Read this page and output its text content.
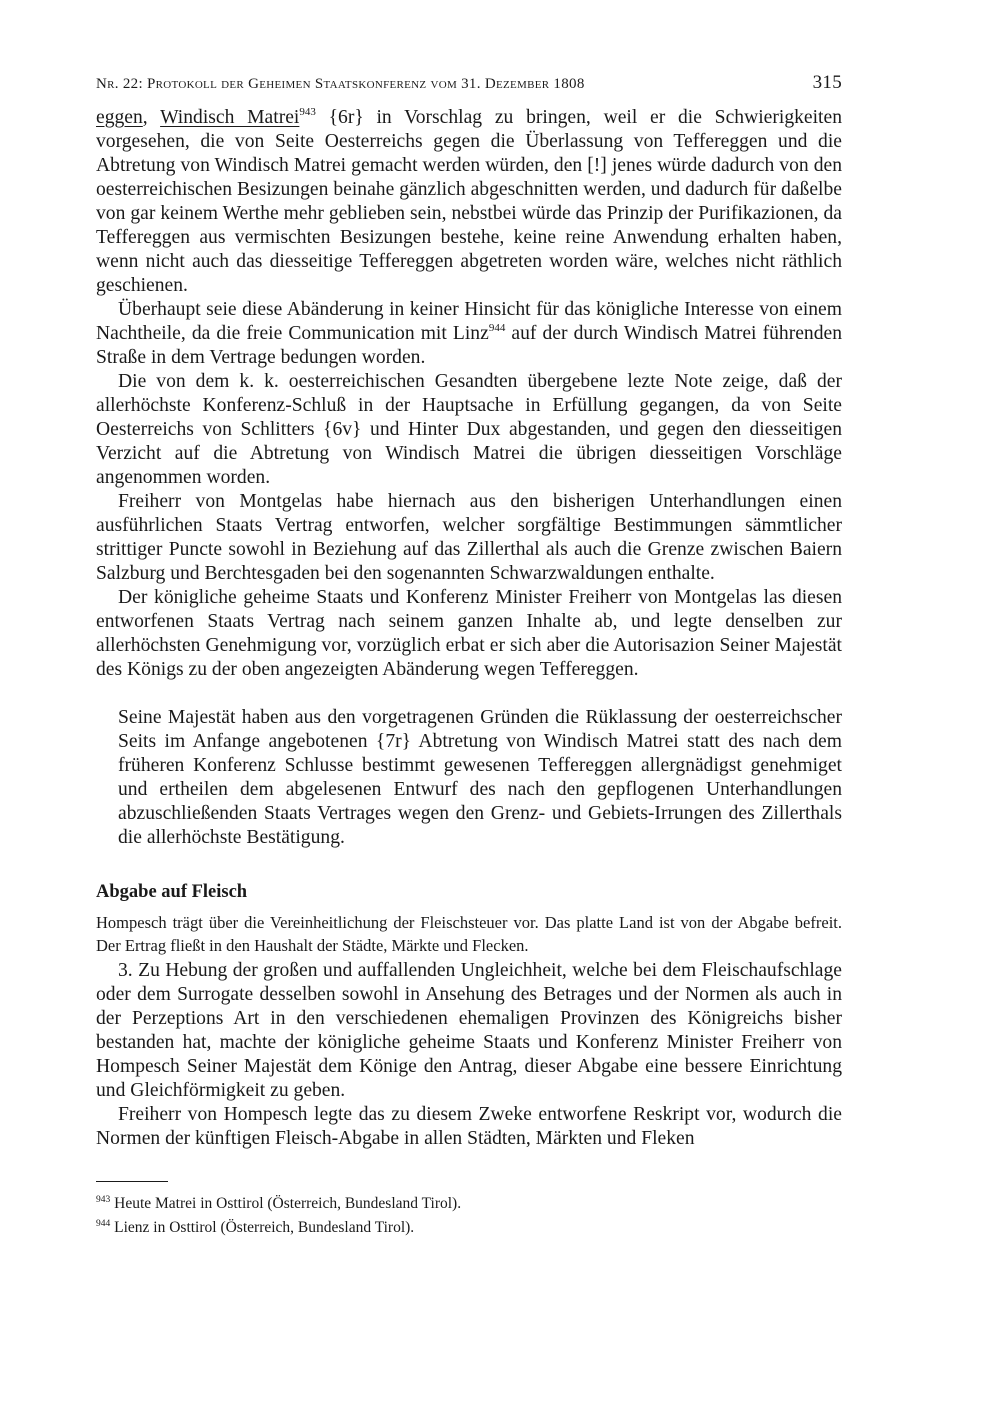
Nr. 22: Protokoll der Geheimen Staatskonferenz vom 31. Dezember 1808	315

eggen, Windisch Matrei$^{943}$ {6r} in Vorschlag zu bringen, weil er die Schwierigkeiten vorgesehen, die von Seite Oesterreichs gegen die Überlassung von Teffereggen und die Abtretung von Windisch Matrei gemacht werden würden, den [!] jenes würde dadurch von den oesterreichischen Besizungen beinahe gänzlich abgeschnitten werden, und dadurch für daßelbe von gar keinem Werthe mehr geblieben sein, nebstbei würde das Prinzip der Purifikazionen, da Teffereggen aus vermischten Besizungen bestehe, keine reine Anwendung erhalten haben, wenn nicht auch das diesseitige Teffereggen abgetreten worden wäre, welches nicht räthlich geschienen.

Überhaupt seie diese Abänderung in keiner Hinsicht für das königliche Interesse von einem Nachtheile, da die freie Communication mit Linz$^{944}$ auf der durch Windisch Matrei führenden Straße in dem Vertrage bedungen worden.

Die von dem k. k. oesterreichischen Gesandten übergebene lezte Note zeige, daß der allerhöchste Konferenz-Schluß in der Hauptsache in Erfüllung gegangen, da von Seite Oesterreichs von Schlitters {6v} und Hinter Dux abgestanden, und gegen den diesseitigen Verzicht auf die Abtretung von Windisch Matrei die übrigen diesseitigen Vorschläge angenommen worden.

Freiherr von Montgelas habe hiernach aus den bisherigen Unterhandlungen einen ausführlichen Staats Vertrag entworfen, welcher sorgfältige Bestimmungen sämmtlicher strittiger Puncte sowohl in Beziehung auf das Zillerthal als auch die Grenze zwischen Baiern Salzburg und Berchtesgaden bei den sogenannten Schwarzwaldungen enthalte.

Der königliche geheime Staats und Konferenz Minister Freiherr von Montgelas las diesen entworfenen Staats Vertrag nach seinem ganzen Inhalte ab, und legte denselben zur allerhöchsten Genehmigung vor, vorzüglich erbat er sich aber die Autorisazion Seiner Majestät des Königs zu der oben angezeigten Abänderung wegen Teffereggen.

Seine Majestät haben aus den vorgetragenen Gründen die Rüklassung der oesterreichscher Seits im Anfange angebotenen {7r} Abtretung von Windisch Matrei statt des nach dem früheren Konferenz Schlusse bestimmt gewesenen Teffereggen allergnädigst genehmiget und ertheilen dem abgelesenen Entwurf des nach den gepflogenen Unterhandlungen abzuschließenden Staats Vertrages wegen den Grenz- und Gebiets-Irrungen des Zillerthals die allerhöchste Bestätigung.
Abgabe auf Fleisch
Hompesch trägt über die Vereinheitlichung der Fleischsteuer vor. Das platte Land ist von der Abgabe befreit. Der Ertrag fließt in den Haushalt der Städte, Märkte und Flecken.

3. Zu Hebung der großen und auffallenden Ungleichheit, welche bei dem Fleischaufschlage oder dem Surrogate desselben sowohl in Ansehung des Betrages und der Normen als auch in der Perzeptions Art in den verschiedenen ehemaligen Provinzen des Königreichs bisher bestanden hat, machte der königliche geheime Staats und Konferenz Minister Freiherr von Hompesch Seiner Majestät dem Könige den Antrag, dieser Abgabe eine bessere Einrichtung und Gleichförmigkeit zu geben.

Freiherr von Hompesch legte das zu diesem Zweke entworfene Reskript vor, wodurch die Normen der künftigen Fleisch-Abgabe in allen Städten, Märkten und Fleken

$^{943}$ Heute Matrei in Osttirol (Österreich, Bundesland Tirol).
$^{944}$ Lienz in Osttirol (Österreich, Bundesland Tirol).
